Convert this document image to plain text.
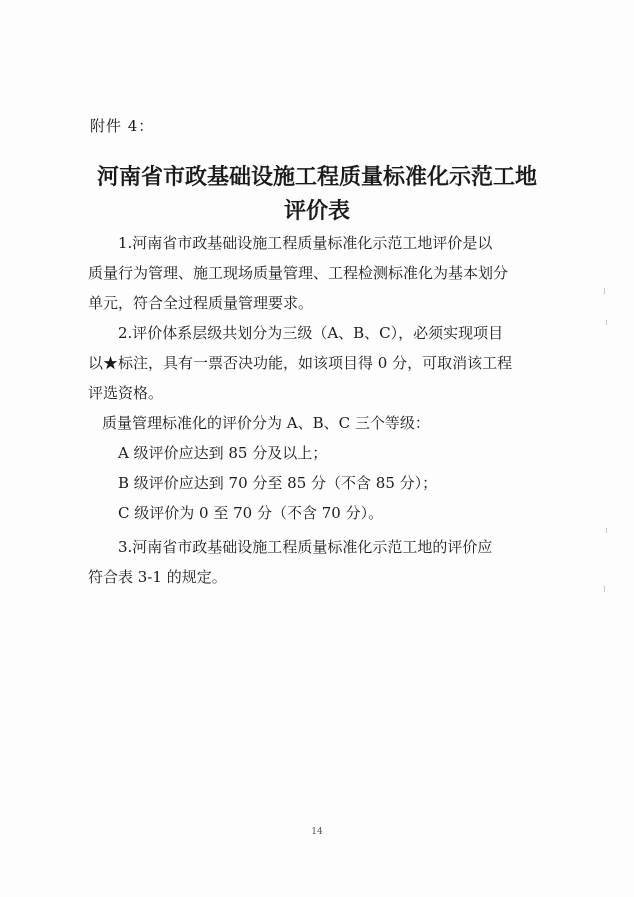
附件 4：
河南省市政基础设施工程质量标准化示范工地
评价表
1.河南省市政基础设施工程质量标准化示范工地评价是以
质量行为管理、施工现场质量管理、工程检测标准化为基本划分
单元，符合全过程质量管理要求。
2.评价体系层级共划分为三级（A、B、C），必须实现项目
以★标注，具有一票否决功能，如该项目得 0 分，可取消该工程
评选资格。
质量管理标准化的评价分为 A、B、C 三个等级：
A 级评价应达到 85 分及以上；
B 级评价应达到 70 分至 85 分（不含 85 分）；
C 级评价为 0 至 70 分（不含 70 分）。
3.河南省市政基础设施工程质量标准化示范工地的评价应
符合表 3-1 的规定。
14
